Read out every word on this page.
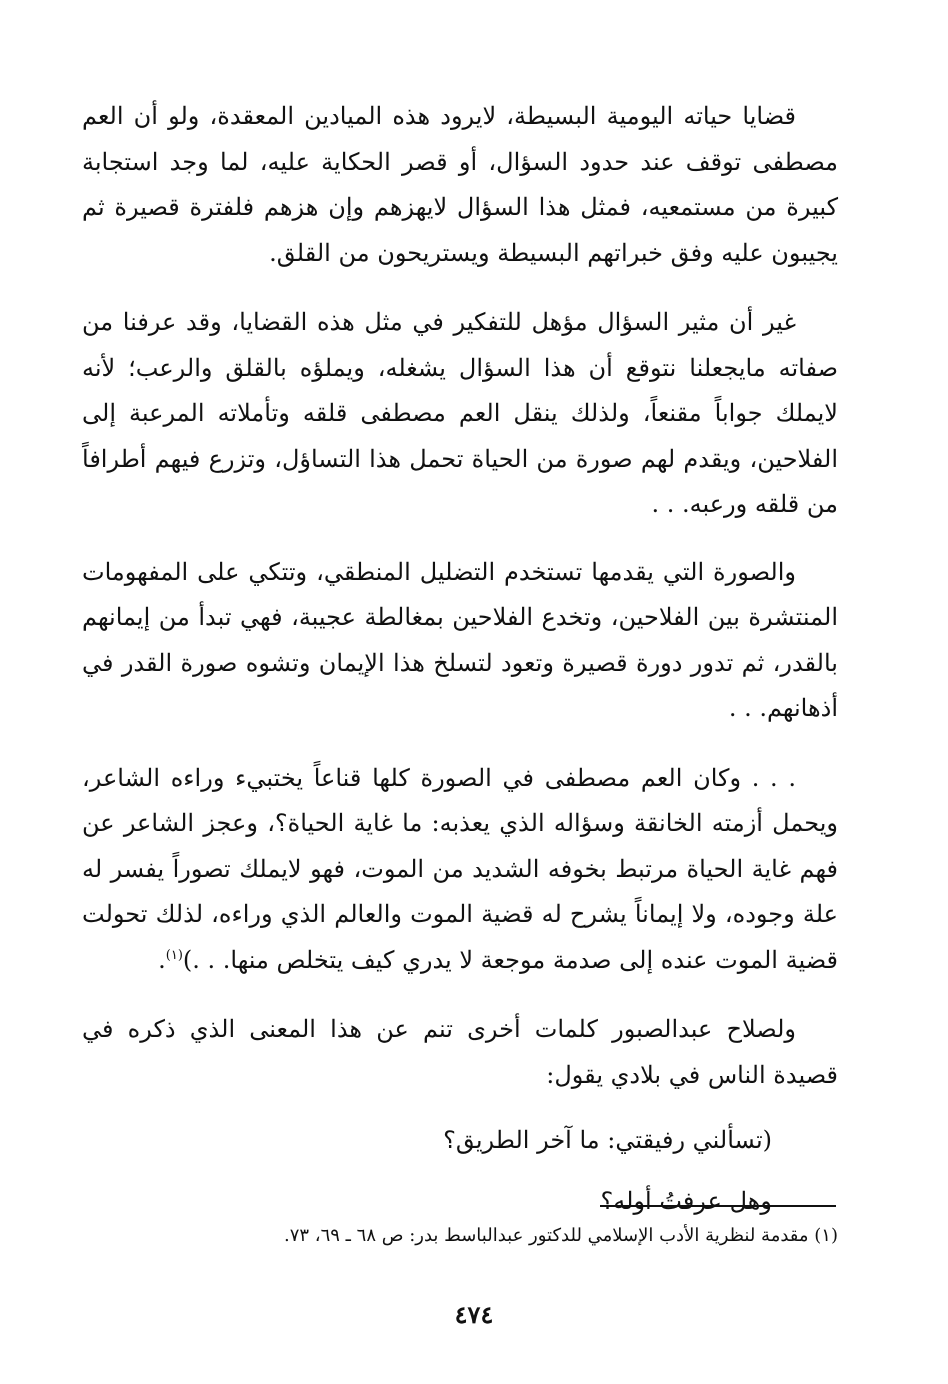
قضايا حياته اليومية البسيطة، لايرود هذه الميادين المعقدة، ولو أن العم مصطفى توقف عند حدود السؤال، أو قصر الحكاية عليه، لما وجد استجابة كبيرة من مستمعيه، فمثل هذا السؤال لايهزهم وإن هزهم فلفترة قصيرة ثم يجيبون عليه وفق خبراتهم البسيطة ويستريحون من القلق.

غير أن مثير السؤال مؤهل للتفكير في مثل هذه القضايا، وقد عرفنا من صفاته مايجعلنا نتوقع أن هذا السؤال يشغله، ويملؤه بالقلق والرعب؛ لأنه لايملك جواباً مقنعاً، ولذلك ينقل العم مصطفى قلقه وتأملاته المرعبة إلى الفلاحين، ويقدم لهم صورة من الحياة تحمل هذا التساؤل، وتزرع فيهم أطرافاً من قلقه ورعبه. . .

والصورة التي يقدمها تستخدم التضليل المنطقي، وتتكي على المفهومات المنتشرة بين الفلاحين، وتخدع الفلاحين بمغالطة عجيبة، فهي تبدأ من إيمانهم بالقدر، ثم تدور دورة قصيرة وتعود لتسلخ هذا الإيمان وتشوه صورة القدر في أذهانهم. . .

. . . وكان العم مصطفى في الصورة كلها قناعاً يختبيء وراءه الشاعر، ويحمل أزمته الخانقة وسؤاله الذي يعذبه: ما غاية الحياة؟، وعجز الشاعر عن فهم غاية الحياة مرتبط بخوفه الشديد من الموت، فهو لايملك تصوراً يفسر له علة وجوده، ولا إيماناً يشرح له قضية الموت والعالم الذي وراءه، لذلك تحولت قضية الموت عنده إلى صدمة موجعة لا يدري كيف يتخلص منها. . .)$^{(١)}$.

ولصلاح عبدالصبور كلمات أخرى تنم عن هذا المعنى الذي ذكره في قصيدة الناس في بلادي يقول:

(تسألني رفيقتي: ما آخر الطريق؟

وهل عرفتُ أوله؟

(١) مقدمة لنظرية الأدب الإسلامي للدكتور عبدالباسط بدر: ص ٦٨ ـ ٦٩، ٧٣.
٤٧٤
